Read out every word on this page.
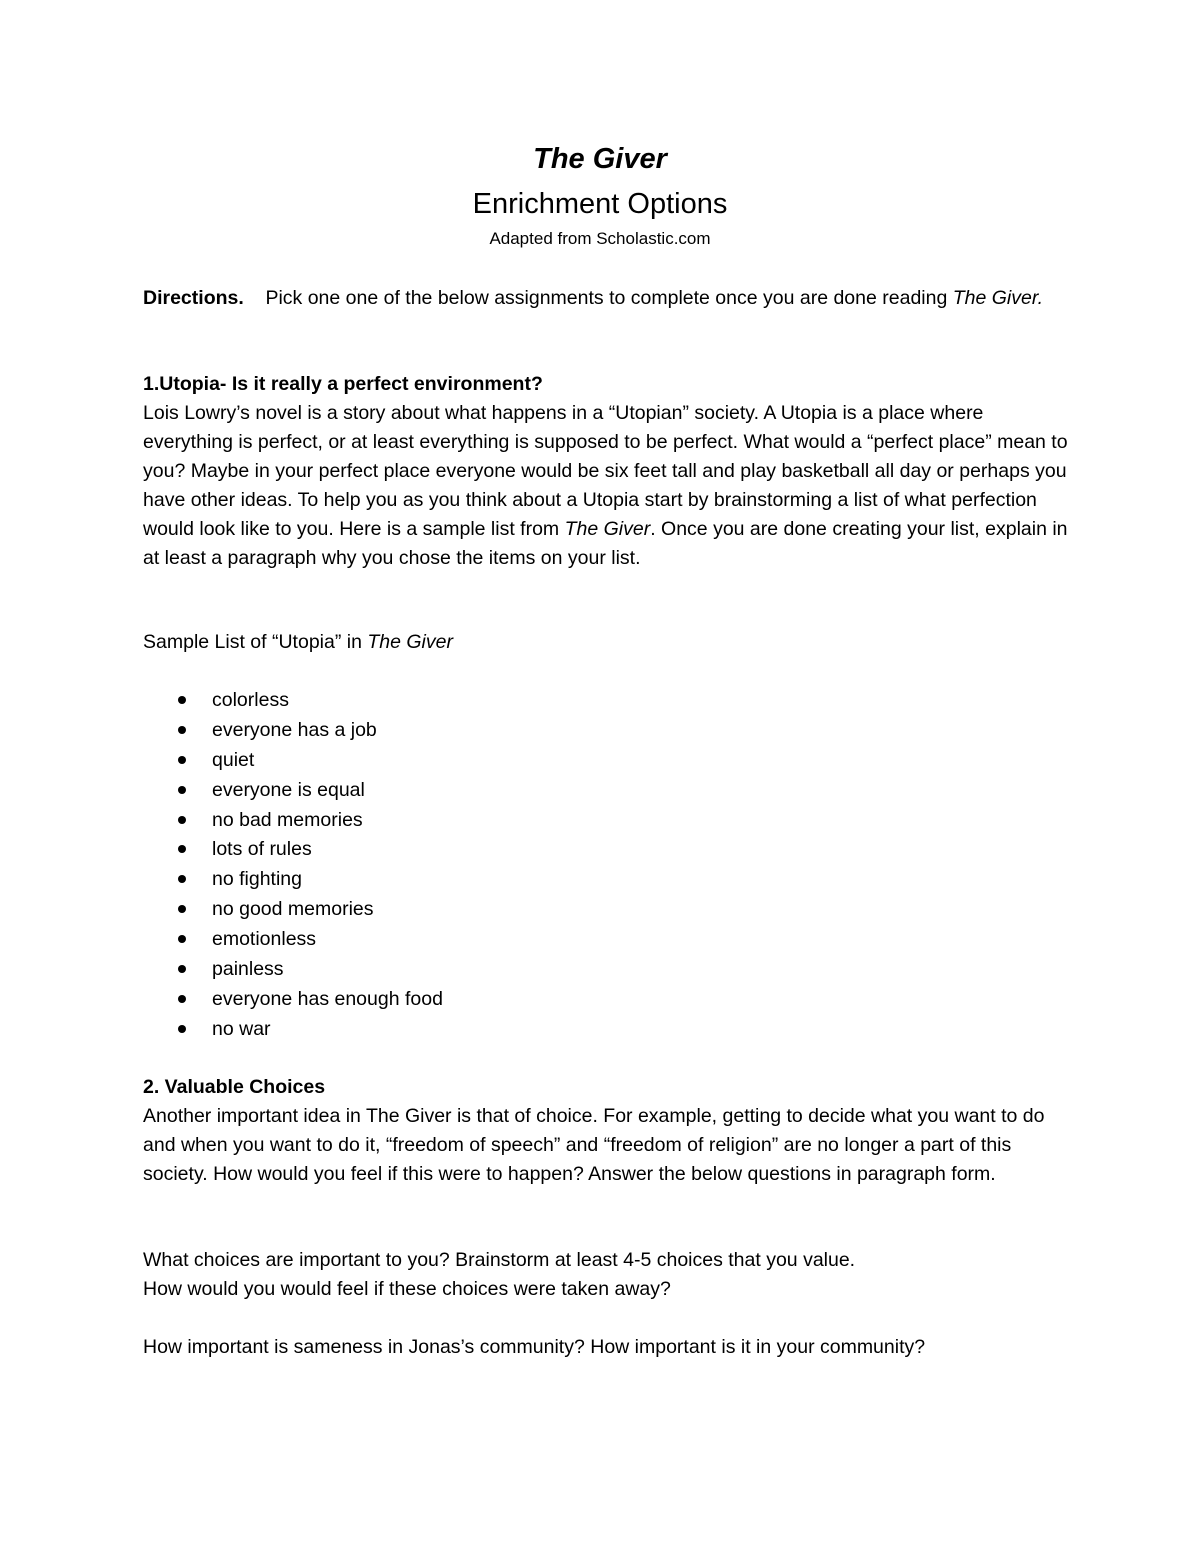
The Giver
Enrichment Options
Adapted from Scholastic.com
Directions. Pick one one of the below assignments to complete once you are done reading The Giver.
1.Utopia- Is it really a perfect environment?
Lois Lowry’s novel is a story about what happens in a “Utopian” society. A Utopia is a place where everything is perfect, or at least everything is supposed to be perfect. What would a “perfect place” mean to you? Maybe in your perfect place everyone would be six feet tall and play basketball all day or perhaps you have other ideas. To help you as you think about a Utopia start by brainstorming a list of what perfection would look like to you. Here is a sample list from The Giver. Once you are done creating your list, explain in at least a paragraph why you chose the items on your list.
Sample List of “Utopia” in The Giver
colorless
everyone has a job
quiet
everyone is equal
no bad memories
lots of rules
no fighting
no good memories
emotionless
painless
everyone has enough food
no war
2. Valuable Choices
Another important idea in The Giver is that of choice. For example, getting to decide what you want to do and when you want to do it, “freedom of speech” and “freedom of religion” are no longer a part of this society. How would you feel if this were to happen? Answer the below questions in paragraph form.
What choices are important to you? Brainstorm at least 4-5 choices that you value.
How would you would feel if these choices were taken away?
How important is sameness in Jonas’s community? How important is it in your community?
